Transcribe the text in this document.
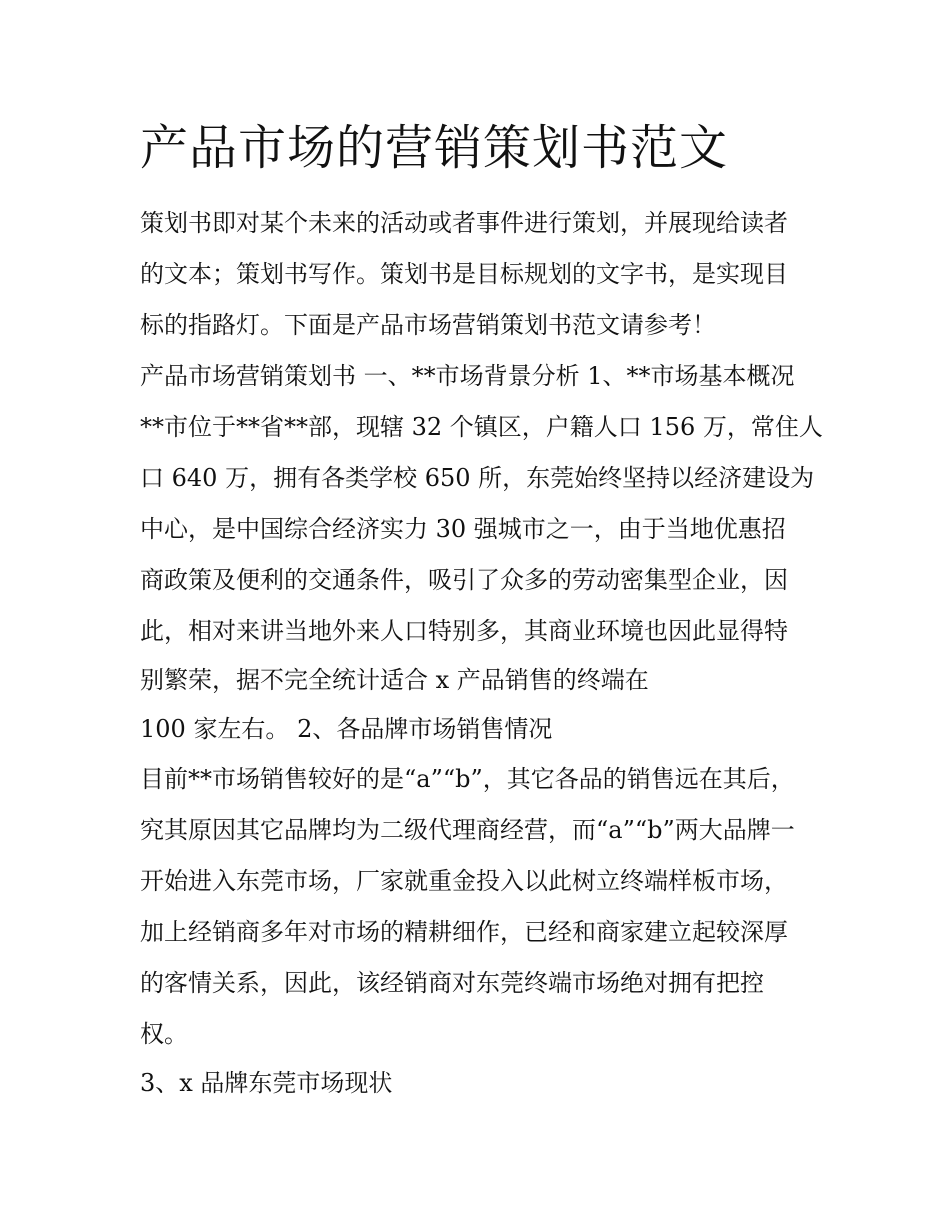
产品市场的营销策划书范文

策划书即对某个未来的活动或者事件进行策划，并展现给读者

的文本；策划书写作。策划书是目标规划的文字书，是实现目

标的指路灯。下面是产品市场营销策划书范文请参考！

产品市场营销策划书 一、**市场背景分析 1、**市场基本概况

**市位于**省**部，现辖 32 个镇区，户籍人口 156 万，常住人

口 640 万，拥有各类学校 650 所，东莞始终坚持以经济建设为

中心，是中国综合经济实力 30 强城市之一，由于当地优惠招

商政策及便利的交通条件，吸引了众多的劳动密集型企业，因

此，相对来讲当地外来人口特别多，其商业环境也因此显得特

别繁荣，据不完全统计适合 x 产品销售的终端在

100 家左右。 2、各品牌市场销售情况

目前**市场销售较好的是“a”“b”，其它各品的销售远在其后，

究其原因其它品牌均为二级代理商经营，而“a”“b”两大品牌一

开始进入东莞市场，厂家就重金投入以此树立终端样板市场，

加上经销商多年对市场的精耕细作，已经和商家建立起较深厚

的客情关系，因此，该经销商对东莞终端市场绝对拥有把控

权。

3、x 品牌东莞市场现状
